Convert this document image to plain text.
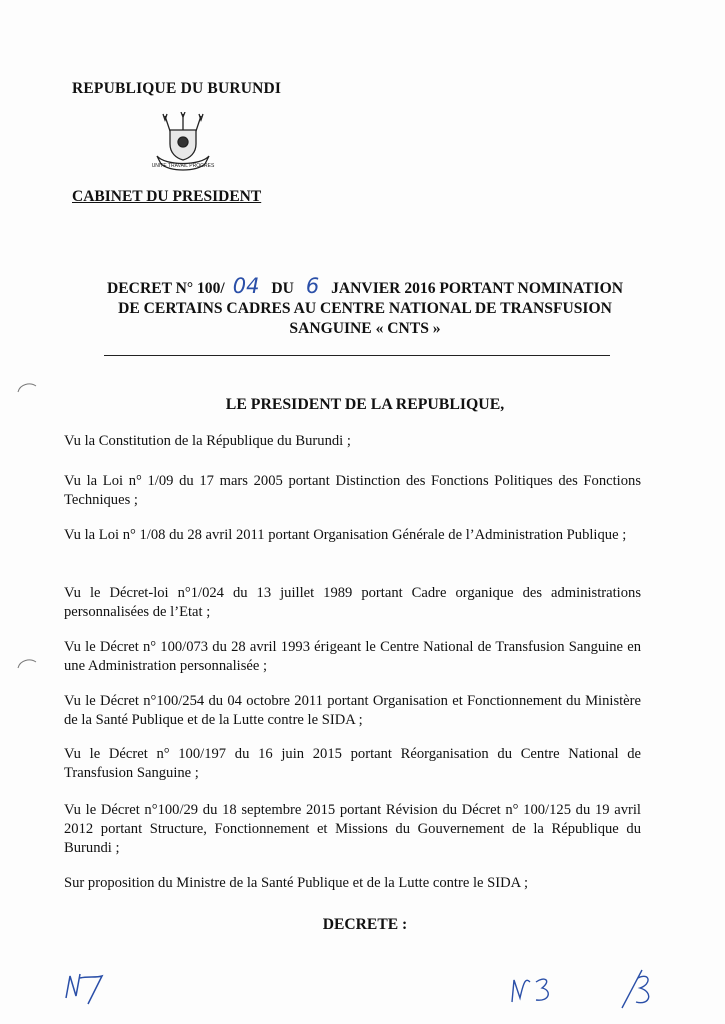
REPUBLIQUE DU BURUNDI
UNITE TRAVAIL PROGRES
CABINET DU PRESIDENT
DECRET N° 100/ 04 DU 6 JANVIER 2016 PORTANT NOMINATION
DE CERTAINS CADRES AU CENTRE NATIONAL DE TRANSFUSION
SANGUINE « CNTS »
LE PRESIDENT DE LA REPUBLIQUE,
Vu la Constitution de la République du Burundi ;
Vu la Loi n° 1/09 du 17 mars 2005 portant Distinction des Fonctions Politiques des Fonctions Techniques ;
Vu la Loi n° 1/08 du 28 avril 2011 portant Organisation Générale de l’Administration Publique ;
Vu le Décret-loi n°1/024 du 13 juillet 1989 portant Cadre organique des administrations personnalisées de l’Etat ;
Vu le Décret n° 100/073 du 28 avril 1993 érigeant le Centre National de Transfusion Sanguine en une Administration personnalisée ;
Vu le Décret n°100/254 du 04 octobre 2011 portant Organisation et Fonctionnement du Ministère de la Santé Publique et de la Lutte contre le SIDA ;
Vu le Décret n° 100/197 du 16 juin 2015 portant Réorganisation du Centre National de Transfusion Sanguine ;
Vu le Décret n°100/29 du 18 septembre 2015 portant Révision du Décret n° 100/125 du 19 avril 2012 portant Structure, Fonctionnement et Missions du Gouvernement de la République du Burundi ;
Sur proposition du Ministre de la Santé Publique et de la Lutte contre le SIDA ;
DECRETE :
